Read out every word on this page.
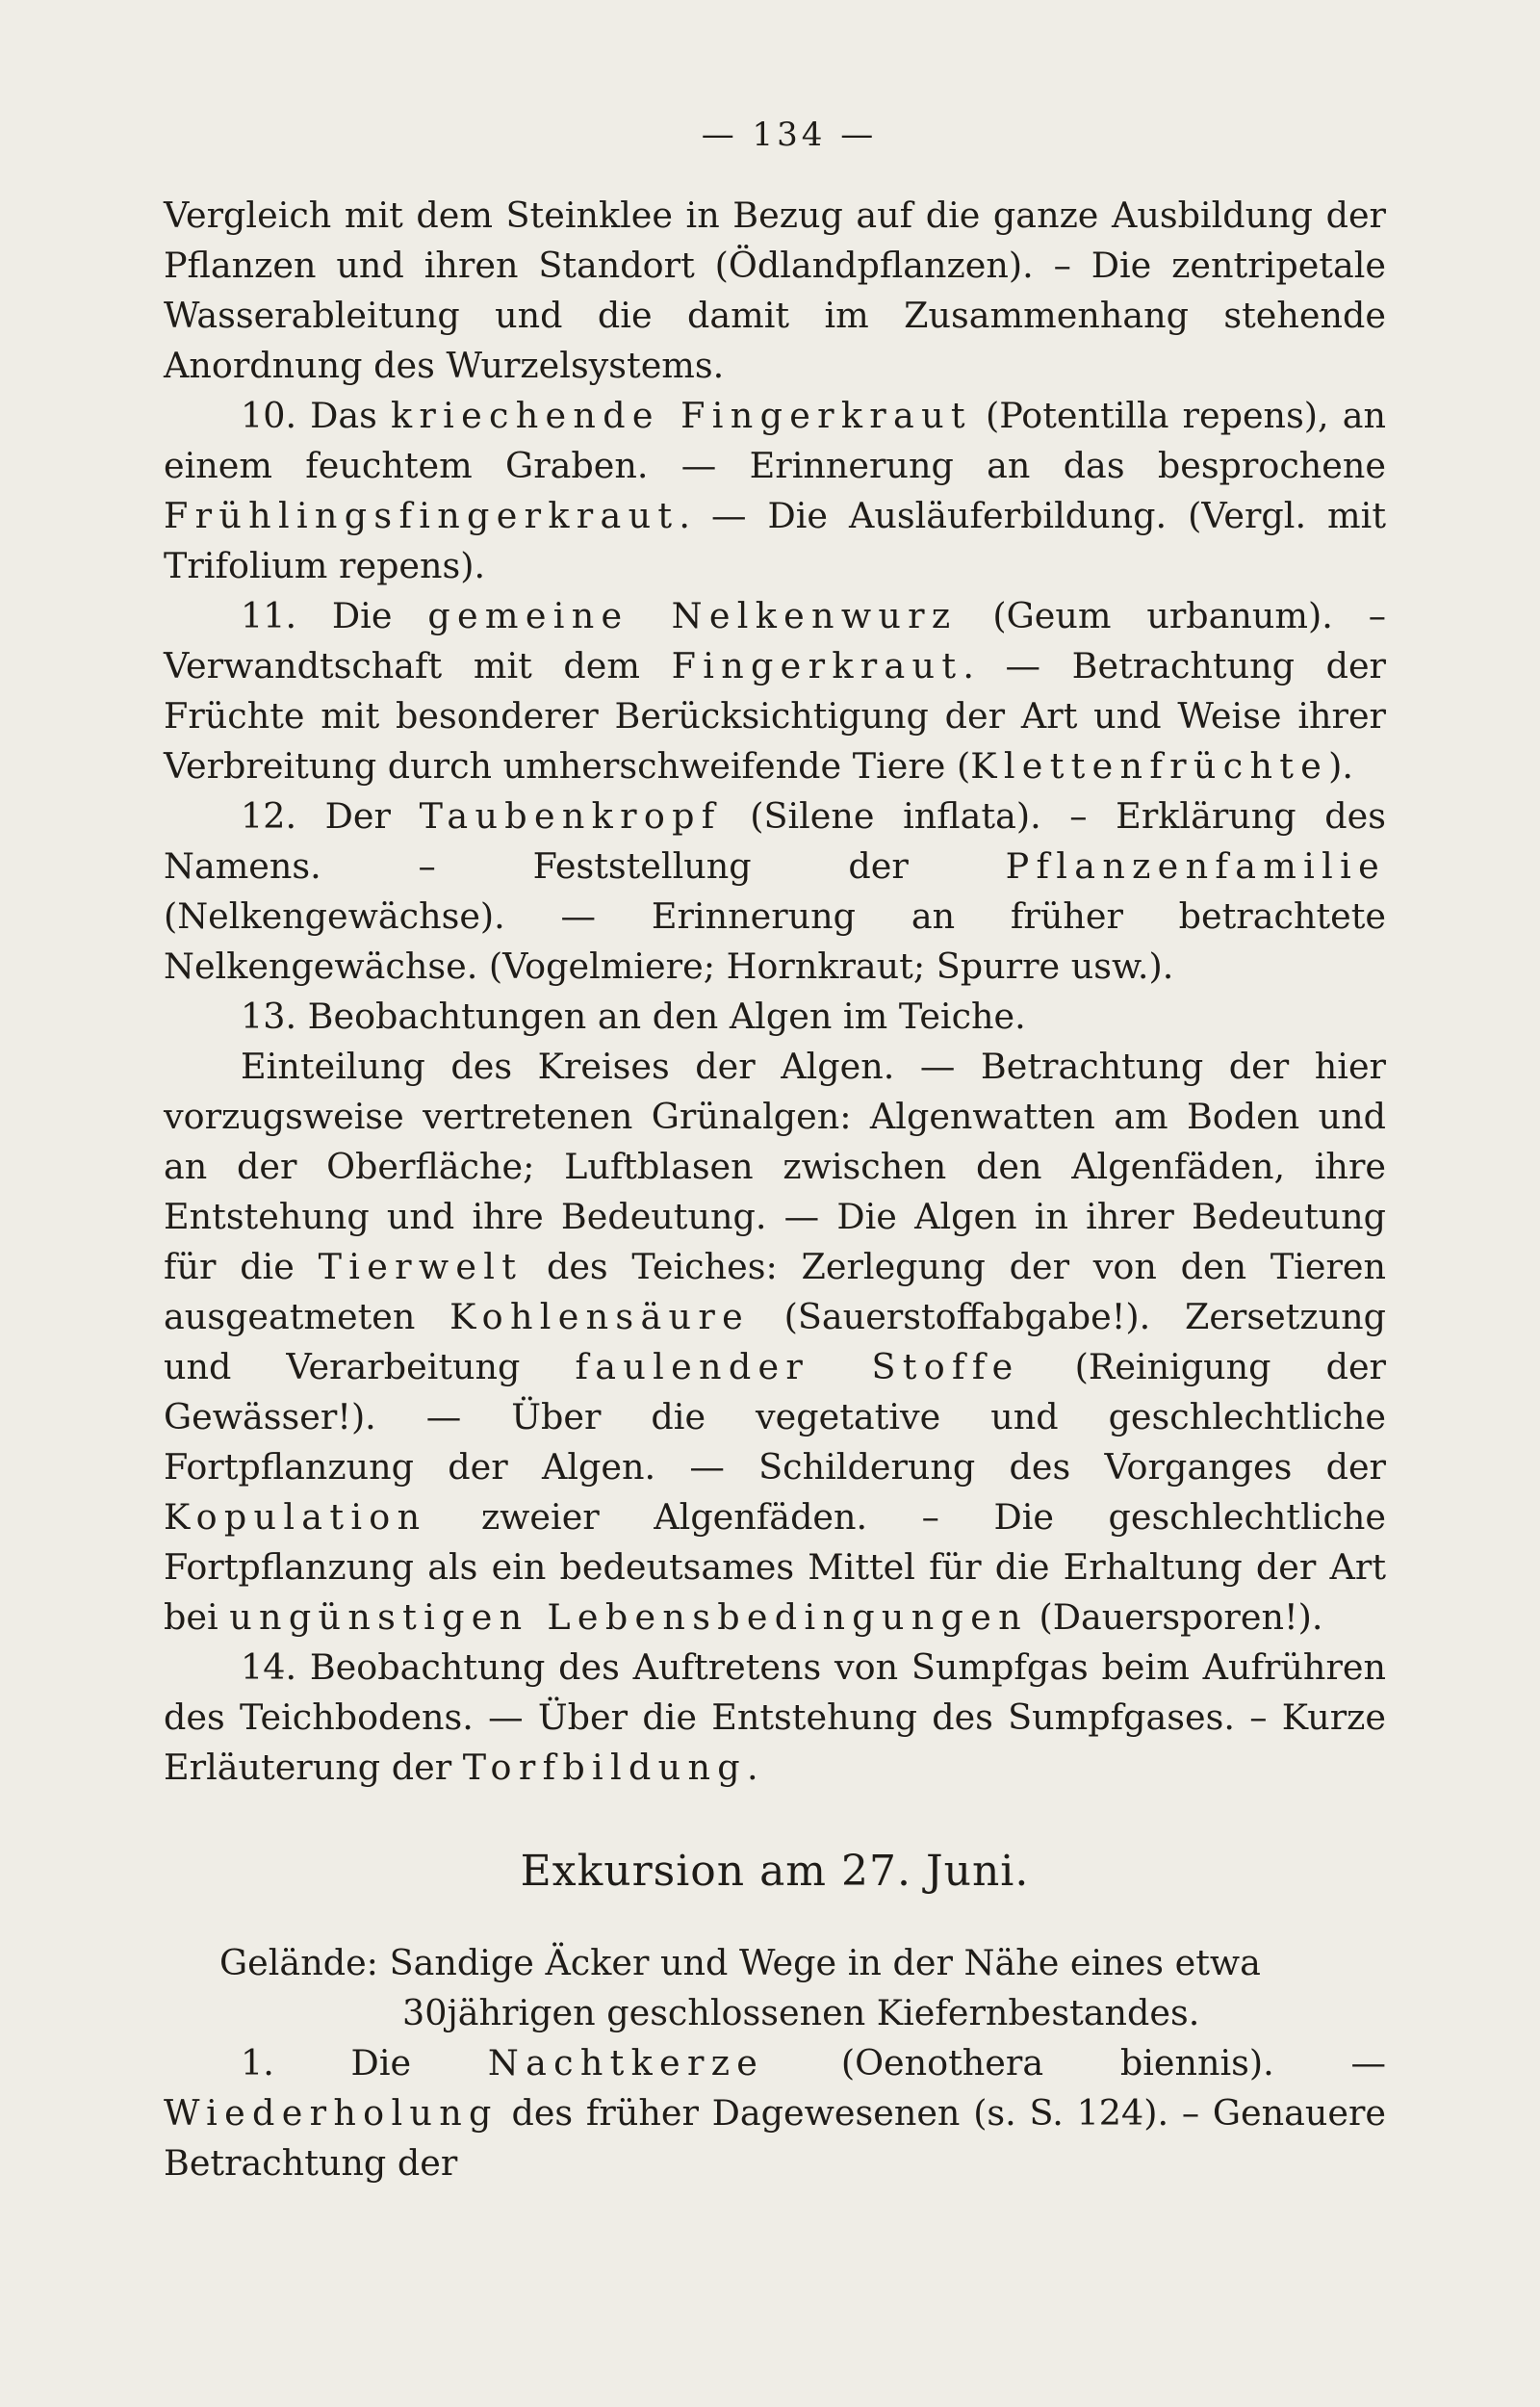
— 134 —

Vergleich mit dem Steinklee in Bezug auf die ganze Ausbildung der Pflanzen und ihren Standort (Ödlandpflanzen). – Die zentripetale Wasserableitung und die damit im Zusammenhang stehende Anordnung des Wurzelsystems.

10. Das kriechende Fingerkraut (Potentilla repens), an einem feuchtem Graben. — Erinnerung an das besprochene Frühlingsfingerkraut. — Die Ausläuferbildung. (Vergl. mit Trifolium repens).

11. Die gemeine Nelkenwurz (Geum urbanum). – Verwandtschaft mit dem Fingerkraut. — Betrachtung der Früchte mit besonderer Berücksichtigung der Art und Weise ihrer Verbreitung durch umherschweifende Tiere (Klettenfrüchte).

12. Der Taubenkropf (Silene inflata). – Erklärung des Namens. – Feststellung der Pflanzenfamilie (Nelkengewächse). — Erinnerung an früher betrachtete Nelkengewächse. (Vogelmiere; Hornkraut; Spurre usw.).

13. Beobachtungen an den Algen im Teiche.

Einteilung des Kreises der Algen. — Betrachtung der hier vorzugsweise vertretenen Grünalgen: Algenwatten am Boden und an der Oberfläche; Luftblasen zwischen den Algenfäden, ihre Entstehung und ihre Bedeutung. — Die Algen in ihrer Bedeutung für die Tierwelt des Teiches: Zerlegung der von den Tieren ausgeatmeten Kohlensäure (Sauerstoffabgabe!). Zersetzung und Verarbeitung faulender Stoffe (Reinigung der Gewässer!). — Über die vegetative und geschlechtliche Fortpflanzung der Algen. — Schilderung des Vorganges der Kopulation zweier Algenfäden. – Die geschlechtliche Fortpflanzung als ein bedeutsames Mittel für die Erhaltung der Art bei ungünstigen Lebensbedingungen (Dauersporen!).

14. Beobachtung des Auftretens von Sumpfgas beim Aufrühren des Teichbodens. — Über die Entstehung des Sumpfgases. – Kurze Erläuterung der Torfbildung.

Exkursion am 27. Juni.
Gelände: Sandige Äcker und Wege in der Nähe eines etwa
30jährigen geschlossenen Kiefernbestandes.

1. Die Nachtkerze (Oenothera biennis). — Wiederholung des früher Dagewesenen (s. S. 124). – Genauere Betrachtung der
